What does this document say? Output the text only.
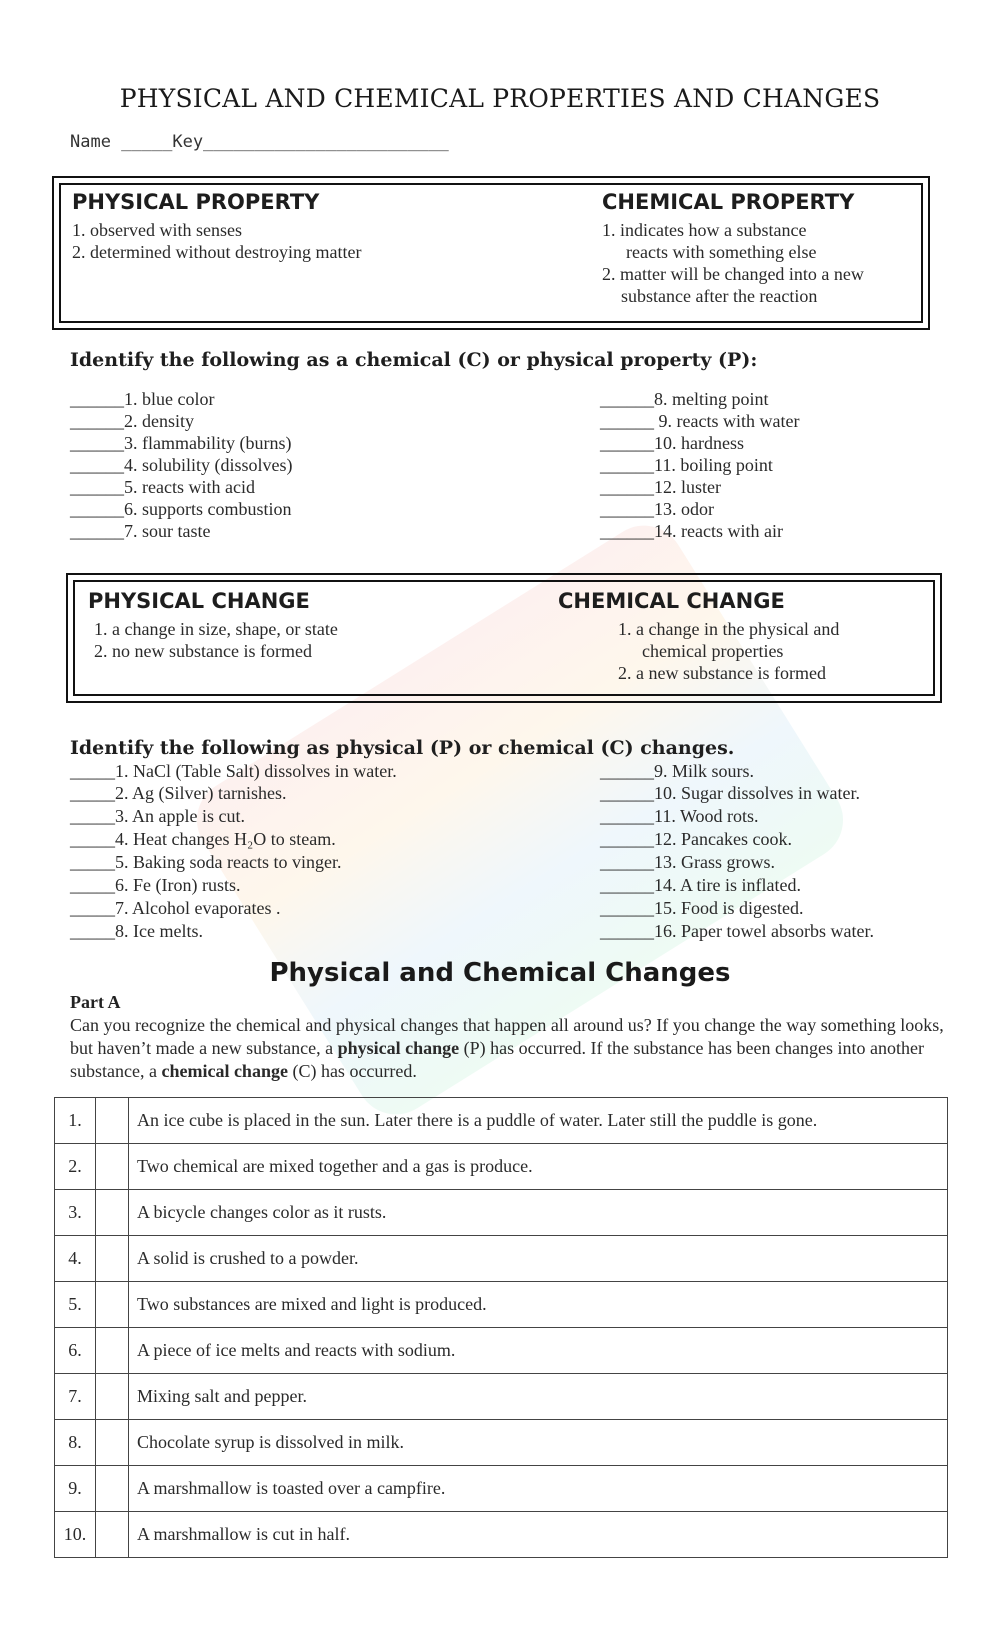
PHYSICAL AND CHEMICAL PROPERTIES AND CHANGES
Name _____Key________________________
PHYSICAL PROPERTY
1. observed with senses
2. determined without destroying matter
CHEMICAL PROPERTY
1. indicates how a substance
reacts with something else
2. matter will be changed into a new
substance after the reaction
Identify the following as a chemical (C) or physical property (P):
______1. blue color
______2. density
______3. flammability (burns)
______4. solubility (dissolves)
______5. reacts with acid
______6. supports combustion
______7. sour taste
______8. melting point
______ 9. reacts with water
______10. hardness
______11. boiling point
______12. luster
______13. odor
______14. reacts with air
PHYSICAL CHANGE
1. a change in size, shape, or state
2. no new substance is formed
CHEMICAL CHANGE
1. a change in the physical and
chemical properties
2. a new substance is formed
Identify the following as physical (P) or chemical (C) changes.
_____1. NaCl (Table Salt) dissolves in water.
_____2. Ag (Silver) tarnishes.
_____3. An apple is cut.
_____4. Heat changes H₂O to steam.
_____5. Baking soda reacts to vinger.
_____6. Fe (Iron) rusts.
_____7. Alcohol evaporates .
_____8. Ice melts.
______9. Milk sours.
______10. Sugar dissolves in water.
______11. Wood rots.
______12. Pancakes cook.
______13. Grass grows.
______14. A tire is inflated.
______15. Food is digested.
______16. Paper towel absorbs water.
Physical and Chemical Changes
Part A
Can you recognize the chemical and physical changes that happen all around us? If you change the way something looks, but haven’t made a new substance, a physical change (P) has occurred. If the substance has been changes into another substance, a chemical change (C) has occurred.
1.		An ice cube is placed in the sun. Later there is a puddle of water. Later still the puddle is gone.
2.		Two chemical are mixed together and a gas is produce.
3.		A bicycle changes color as it rusts.
4.		A solid is crushed to a powder.
5.		Two substances are mixed and light is produced.
6.		A piece of ice melts and reacts with sodium.
7.		Mixing salt and pepper.
8.		Chocolate syrup is dissolved in milk.
9.		A marshmallow is toasted over a campfire.
10.		A marshmallow is cut in half.
